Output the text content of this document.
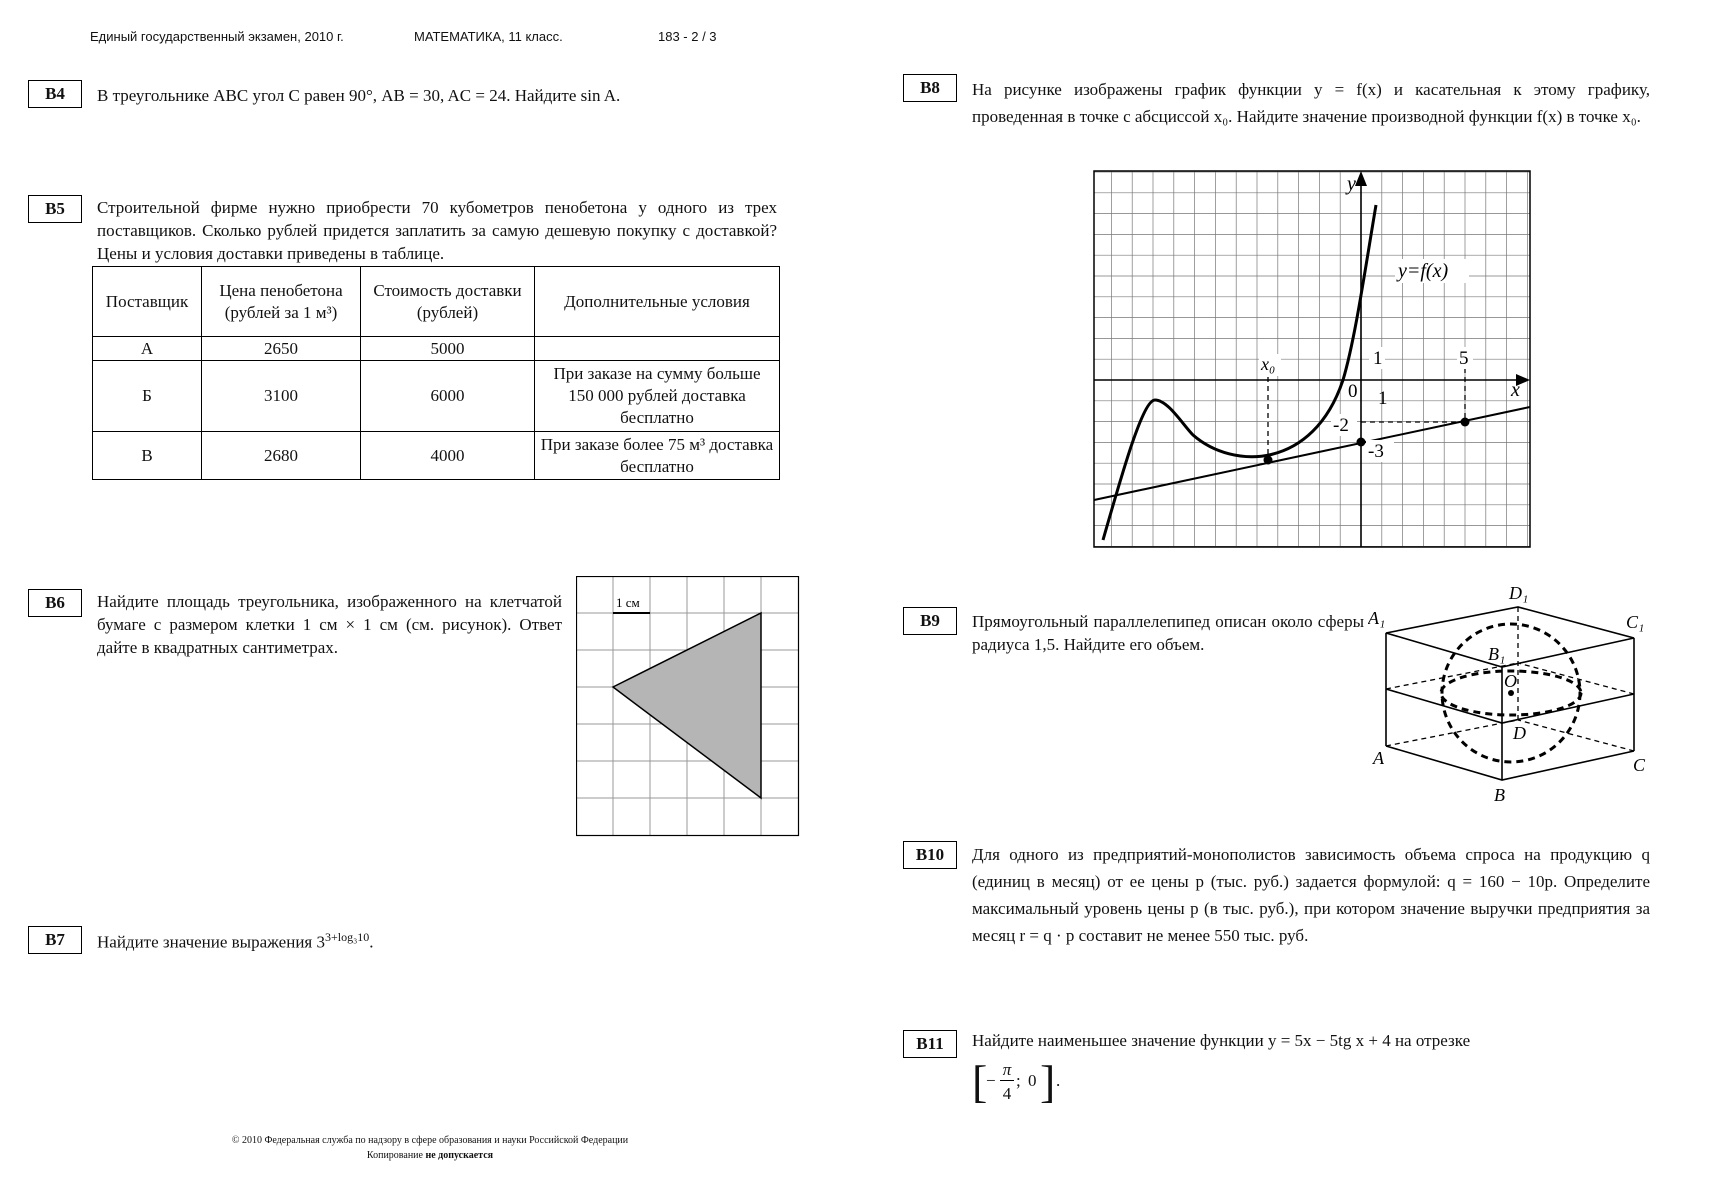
Единый государственный экзамен, 2010 г.	МАТЕМАТИКА, 11 класс.	183 - 2 / 3
B4	В треугольнике ABC угол C равен 90°, AB = 30, AC = 24. Найдите sin A.
B5	Строительной фирме нужно приобрести 70 кубометров пенобетона у одного из трех поставщиков. Сколько рублей придется заплатить за самую дешевую покупку с доставкой? Цены и условия доставки приведены в таблице.
Поставщик	Цена пенобетона (рублей за 1 м³)	Стоимость доставки (рублей)	Дополнительные условия
А	2650	5000	
Б	3100	6000	При заказе на сумму больше 150 000 рублей доставка бесплатно
В	2680	4000	При заказе более 75 м³ доставка бесплатно
B6	Найдите площадь треугольника, изображенного на клетчатой бумаге с размером клетки 1 см × 1 см (см. рисунок). Ответ дайте в квадратных сантиметрах.
1 см
B7	Найдите значение выражения $3^{3+log_310}$.
B8	На рисунке изображены график функции y = f(x) и касательная к этому графику, проведенная в точке с абсциссой x₀. Найдите значение производной функции f(x) в точке x₀.
y
x
y=f(x)
x₀	1	5
0 1
-2
-3
B9	Прямоугольный параллелепипед описан около сферы радиуса 1,5. Найдите его объем.
A₁
D₁
C₁
B₁
O
D
A	C
B
B10	Для одного из предприятий-монополистов зависимость объема спроса на продукцию q (единиц в месяц) от ее цены p (тыс. руб.) задается формулой: q = 160 − 10p. Определите максимальный уровень цены p (в тыс. руб.), при котором значение выручки предприятия за месяц r = q · p составит не менее 550 тыс. руб.
B11	Найдите наименьшее значение функции y = 5x − 5tg x + 4 на отрезке
[
−
π
4
; 0 ] .
© 2010 Федеральная служба по надзору в сфере образования и науки Российской Федерации
Копирование не допускается
